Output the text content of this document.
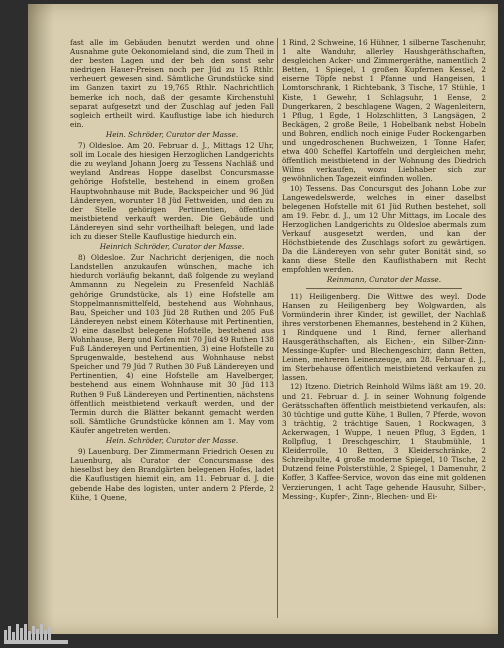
fast alle im Gebäuden benutzt werden und ohne Ausnahme gute Oekonomieland sind, die zum Theil in der besten Lagen und der beh den sonst sehr niedrigen Hauer-Preisen noch per Jüd zu 15 Rthlr. verheuert gewesen sind. Sämtliche Grundstücke sind im Ganzen taxirt zu 19,765 Rthlr. Nachrichtlich bemerke ich noch, daß der gesamte Kirchenstuhl separat aufgesetzt und der Zuschlag auf jeden Fall sogleich ertheilt wird. Kauflustige labe ich hiedurch ein.

Hein. Schröder, Curator der Masse.

7) Oldesloe. Am 20. Februar d. J., Mittags 12 Uhr, soll im Locale des hiesigen Herzoglichen Landgerichts die zu weyland Johann Joerg zu Tessens Nachläß und weyland Andreas Hoppe daselbst Concursmasse gehörige Hofstelle, bestehend in einem großen Hauptwohnhause mit Bude, Backspeicher und 96 Jüd Ländereyen, worunter 18 Jüd Fettweiden, und den zu der Stelle gehörigen Pertinentien, öffentlich meistbietend verkauft werden. Die Gebäude und Ländereyen sind sehr vortheilhaft belegen, und lade ich zu dieser Stelle Kauflustige hiedurch ein.

Heinrich Schröder, Curator der Masse.

8) Oldesloe. Zur Nachricht derjenigen, die noch Landstellen anzukaufen wünschen, mache ich hiedurch vorläufig bekannt, daß folgende zu weyland Ammannn zu Negelein zu Fresenfeld Nachläß gehörige Grundstücke, als 1) eine Hofstelle am Stoppelmannsmittelfeld, bestehend aus Wohnhaus, Bau, Speicher und 103 Jüd 28 Ruthen und 205 Fuß Ländereyen nebst einem Köterhause mit Pertinentien, 2) eine daselbst belegene Hofstelle, bestehend aus Wohnhause, Berg und Kofen mit 70 Jüd 49 Ruthen 138 Fuß Ländereyen und Pertinentien, 3) eine Hofstelle zu Sprugenwalde, bestehend aus Wohnhause nebst Speicher und 79 Jüd 7 Ruthen 30 Fuß Ländereyen und Pertinentien, 4) eine Hofstelle am Havelberger, bestehend aus einem Wohnhause mit 30 Jüd 113 Ruthen 9 Fuß Ländereyen und Pertinentien, nächstens öffentlich meistbietend verkauft werden, und der Termin durch die Blätter bekannt gemacht werden soll. Sämtliche Grundstücke können am 1. May vom Käufer angetreten werden.

Hein. Schröder, Curator der Masse.

9) Lauenburg. Der Zimmermann Friedrich Oesen zu Lauenburg, als Curator der Concursmasse des hieselbst bey den Brandgärten belegenen Hofes, ladet die Kauflustigen hiemit ein, am 11. Februar d. J. die gebende Habe des logisten, unter andern 2 Pferde, 2 Kühe, 1 Quene,

1 Rind, 2 Schweine, 16 Hühner, 1 silberne Taschenuhr, 1 alte Wanduhr, allerley Haushgeräthschaften, desgleichen Acker- und Zimmergeräthe, namentlich 2 Betten, 1 Spiegel, 1 großen Kupfernen Kessel, 2 eiserne Töpfe nebst 1 Pfanne und Hangeisen, 1 Lomtorschrank, 1 Richtebank, 3 Tische, 17 Stühle, 1 Kiste, 1 Gewehr, 1 Schlagsuhr, 1 Eense, 2 Dungerkaren, 2 beschlagene Wagen, 2 Wagenleitern, 1 Pflug, 1 Egde, 1 Holzschlitten, 3 Langsägen, 2 Beckägen, 2 große Beile, 1 Hobelbank nebst Hobeln und Bohren, endlich noch einige Fuder Rockengarben und ungedroschenen Buchweizen, 1 Tonne Hafer, etwa 400 Scheffel Kartoffeln und dergleichen mehr, öffentlich meistbietend in der Wohnung des Diedrich Wilms verkaufen, wozu Liebhaber sich zur gewöhnlichen Tagezeit einfinden wollen.

10) Tessens. Das Concursgut des Johann Lobe zur Langewedelswerde, welches in einer daselbst belegenen Hofstelle mit 61 Jüd Ruthen bestehet, soll am 19. Febr. d. J., um 12 Uhr Mittags, im Locale des Herzoglichen Landgerichts zu Oldesloe abermals zum Verkauf ausgesetzt werden, und kan der Höchstbietende des Zuschlags sofort zu gewärtigen. Da die Ländereyen von sehr guter Bonität sind, so kann diese Stelle den Kauflisthabern mit Recht empfohlen werden.

Reinmann, Curator der Masse.

11) Heiligenberg. Die Wittwe des weyl. Dode Hansen zu Heiligenberg bey Wolgwarden, als Vormünderin ihrer Kinder, ist gewillet, der Nachlaß ihres verstorbenen Ehemannes, bestehend in 2 Kühen, 1 Rindquene und 1 Rind, ferner allerhand Hausgeräthschaften, als Eichen-, ein Silber-Zinn-Messinge-Kupfer- und Blechengeschirr, dann Betten, Leinen, mehreren Leinenzeuge, am 28. Februar d. J., im Sterbehause öffentlich meistbietend verkaufen zu lassen.

12) Itzeno. Dietrich Reinhold Wilms läßt am 19. 20. und 21. Februar d. J. in seiner Wohnung folgende Gerätsschaften öffentlich meistbietend verkaufen, als: 30 tüchtige und gutte Kühe, 1 Bullen, 7 Pferde, wovon 3 trächtig, 2 trächtige Sauen, 1 Rockwagen, 3 Ackerwagen, 1 Wuppe, 1 neuen Pflug, 3 Egden, 1 Rollpflug, 1 Dreschgeschirr, 1 Staubmühle, 1 Kleiderrolle, 10 Betten, 3 Kleiderschränke, 2 Schreibpulte, 4 große moderne Spiegel, 10 Tische, 2 Dutzend feine Polsterstühle, 2 Spiegel, 1 Damenuhr, 2 Koffer, 3 Kaffee-Service, wovon das eine mit goldenen Verzierungen, 1 acht Tage gehende Hausuhr, Silber-, Messing-, Kupfer-, Zinn-, Blechen- und Ei-
